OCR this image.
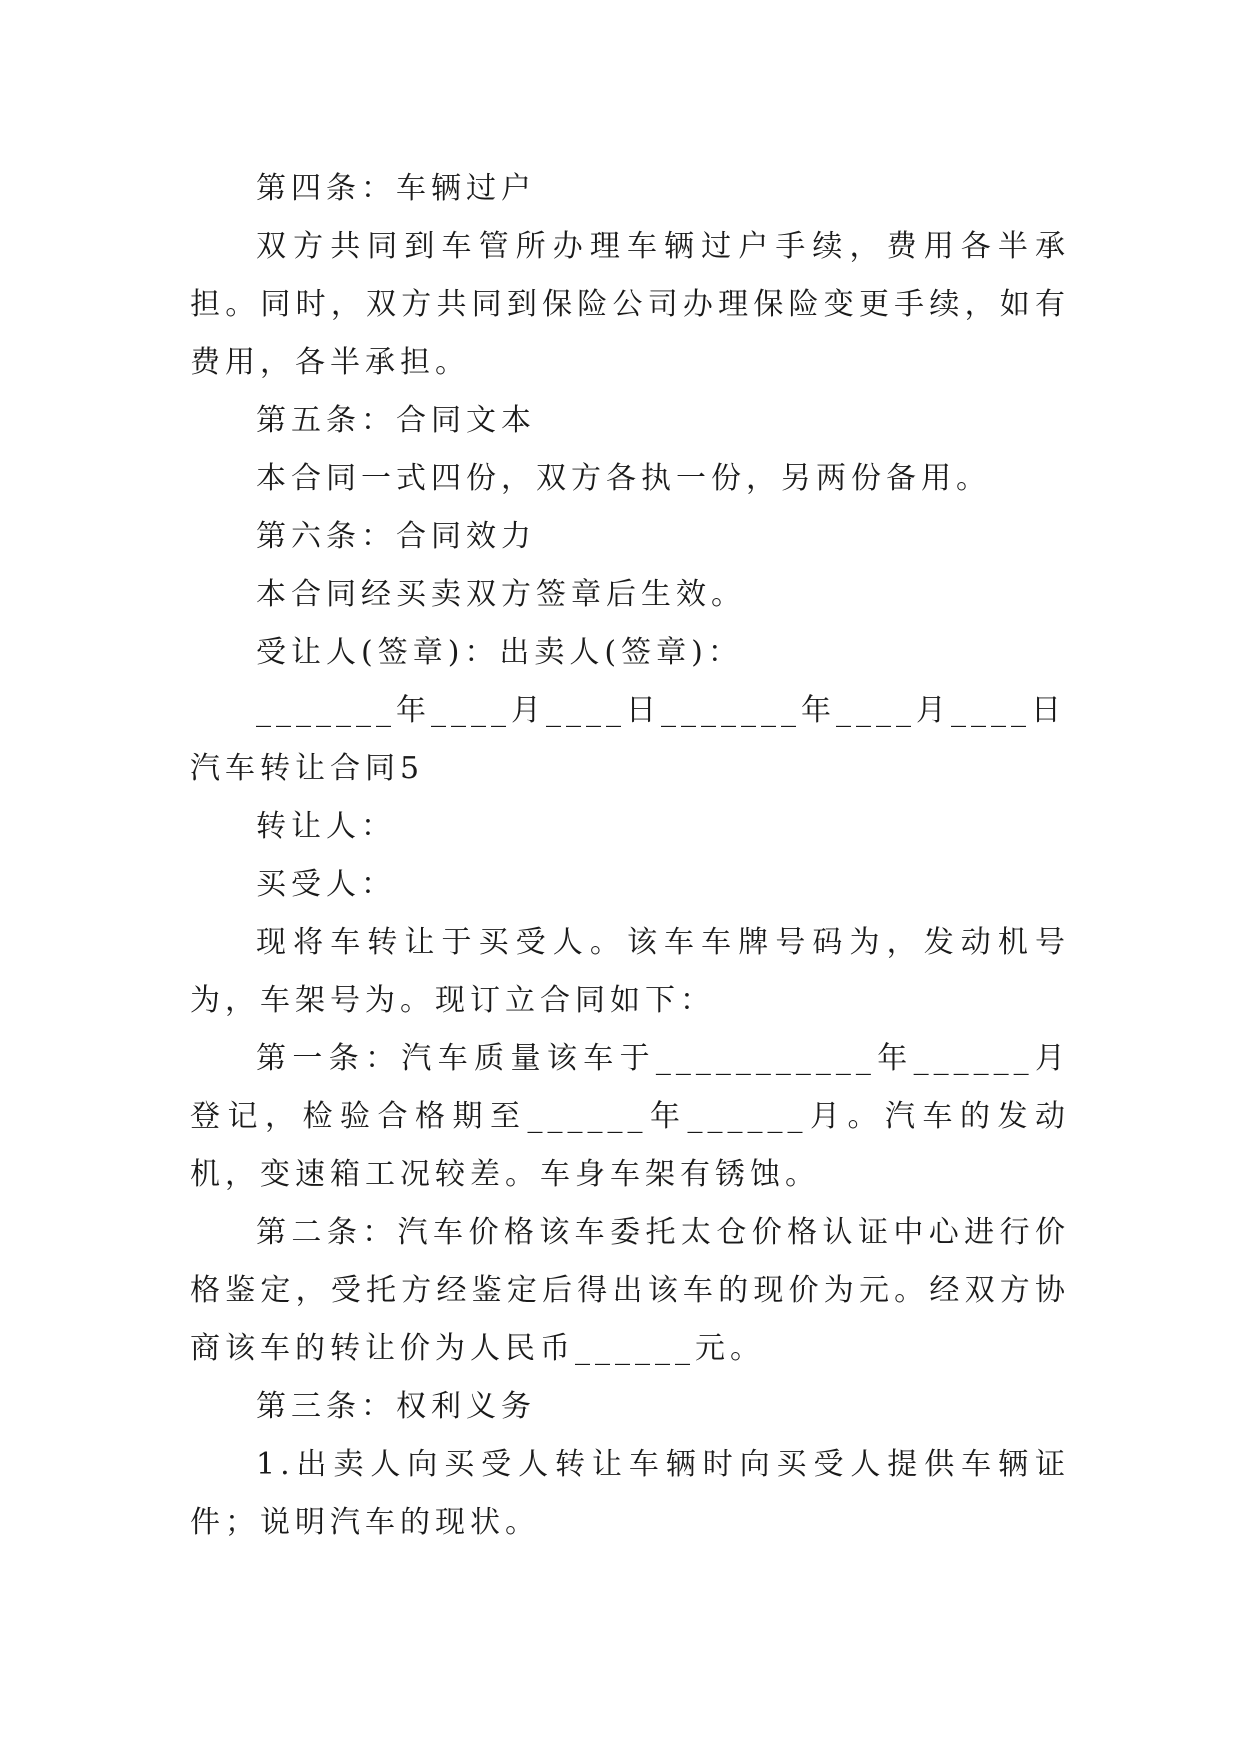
第四条：车辆过户

双方共同到车管所办理车辆过户手续，费用各半承担。同时，双方共同到保险公司办理保险变更手续，如有费用，各半承担。

第五条：合同文本

本合同一式四份，双方各执一份，另两份备用。

第六条：合同效力

本合同经买卖双方签章后生效。

受让人(签章)：出卖人(签章)：

_______年____月____日_______年____月____日

汽车转让合同5

转让人：

买受人：

现将车转让于买受人。该车车牌号码为，发动机号为，车架号为。现订立合同如下：

第一条：汽车质量该车于___________年______月登记，检验合格期至______年______月。汽车的发动机，变速箱工况较差。车身车架有锈蚀。

第二条：汽车价格该车委托太仓价格认证中心进行价格鉴定，受托方经鉴定后得出该车的现价为元。经双方协商该车的转让价为人民币______元。

第三条：权利义务

1.出卖人向买受人转让车辆时向买受人提供车辆证件；说明汽车的现状。
